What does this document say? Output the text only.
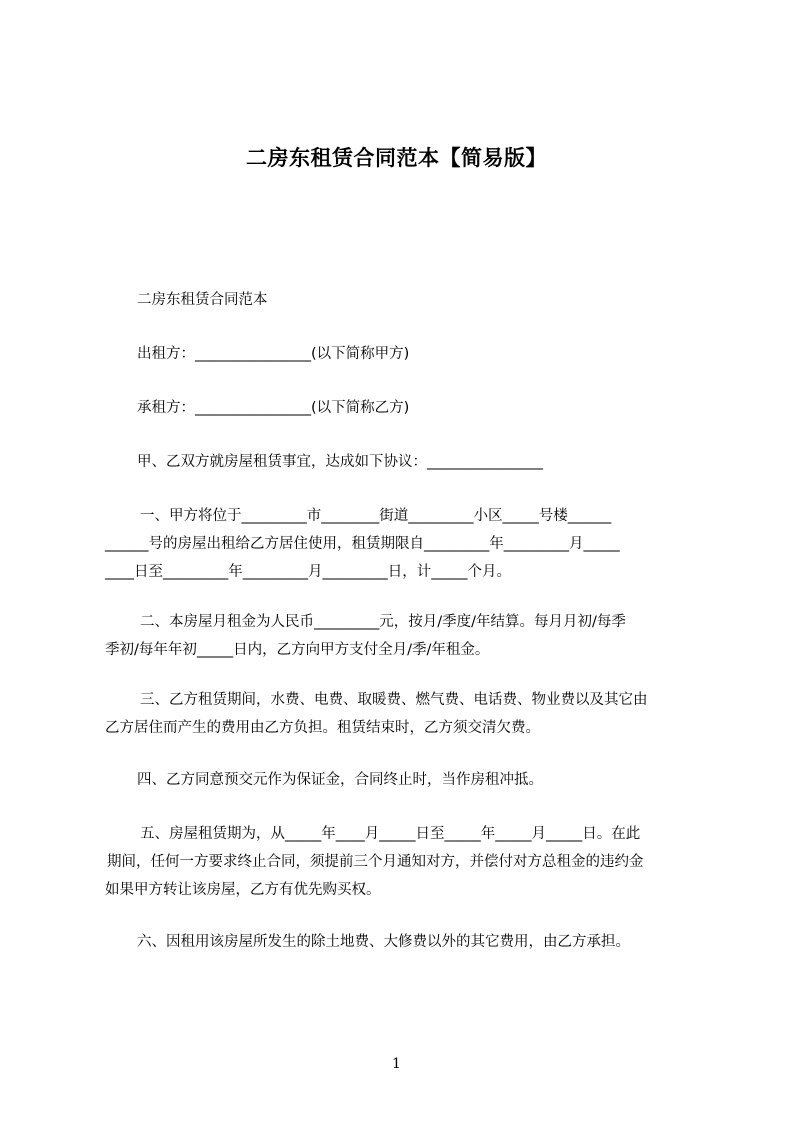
二房东租赁合同范本【简易版】

二房东租赁合同范本

出租方：________________(以下简称甲方)

承租方：________________(以下简称乙方)

甲、乙双方就房屋租赁事宜，达成如下协议：________________

一、甲方将位于_________市________街道_________小区_____号楼______

______号的房屋出租给乙方居住使用，租赁期限自_________年_________月_____

____日至_________年_________月_________日，计_____个月。

二、本房屋月租金为人民币_________元，按月/季度/年结算。每月月初/每季

季初/每年年初_____日内，乙方向甲方支付全月/季/年租金。

三、乙方租赁期间，水费、电费、取暖费、燃气费、电话费、物业费以及其它由

乙方居住而产生的费用由乙方负担。租赁结束时，乙方须交清欠费。

四、乙方同意预交元作为保证金，合同终止时，当作房租冲抵。

五、房屋租赁期为，从_____年____月_____日至_____年_____月_____日。在此

期间，任何一方要求终止合同，须提前三个月通知对方，并偿付对方总租金的违约金

如果甲方转让该房屋，乙方有优先购买权。

六、因租用该房屋所发生的除土地费、大修费以外的其它费用，由乙方承担。

1
